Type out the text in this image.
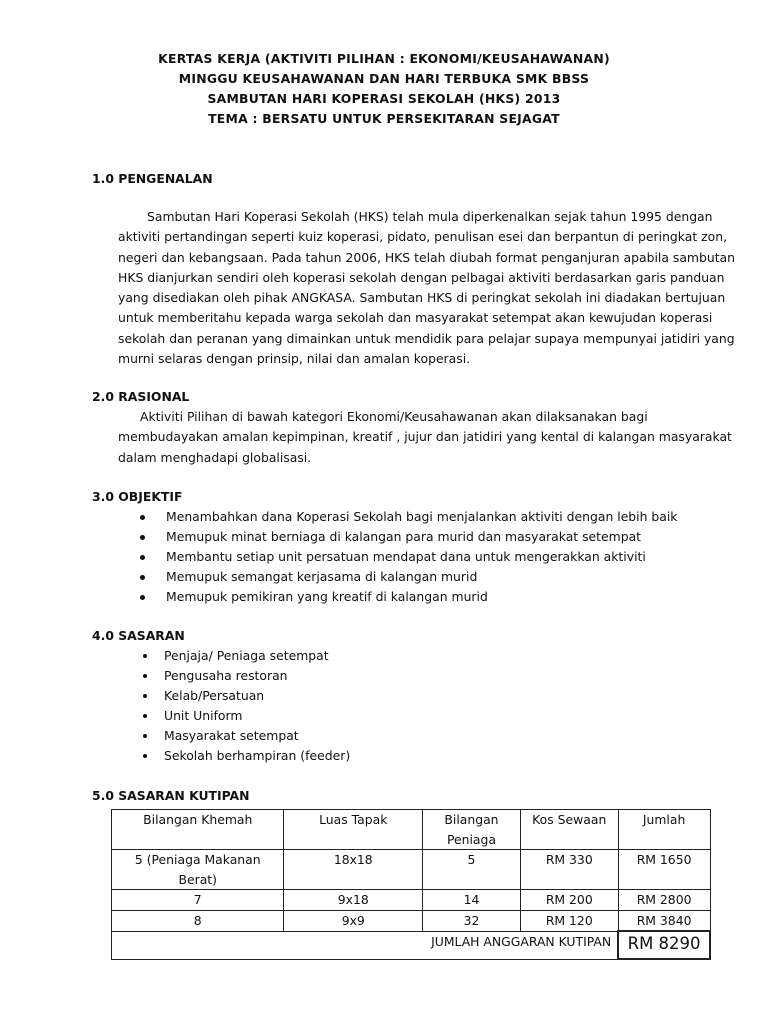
KERTAS KERJA (AKTIVITI PILIHAN : EKONOMI/KEUSAHAWANAN)
MINGGU KEUSAHAWANAN DAN HARI TERBUKA SMK BBSS
SAMBUTAN HARI KOPERASI SEKOLAH (HKS) 2013
TEMA : BERSATU UNTUK PERSEKITARAN SEJAGAT
1.0 PENGENALAN
Sambutan Hari Koperasi Sekolah (HKS) telah mula diperkenalkan sejak tahun 1995 dengan
aktiviti pertandingan seperti kuiz koperasi, pidato, penulisan esei dan berpantun di peringkat zon,
negeri dan kebangsaan. Pada tahun 2006, HKS telah diubah format penganjuran apabila sambutan
HKS dianjurkan sendiri oleh koperasi sekolah dengan pelbagai aktiviti berdasarkan garis panduan
yang disediakan oleh pihak ANGKASA. Sambutan HKS di peringkat sekolah ini diadakan bertujuan
untuk memberitahu kepada warga sekolah dan masyarakat setempat akan kewujudan koperasi
sekolah dan peranan yang dimainkan untuk mendidik para pelajar supaya mempunyai jatidiri yang
murni selaras dengan prinsip, nilai dan amalan koperasi.
2.0 RASIONAL
Aktiviti Pilihan di bawah kategori Ekonomi/Keusahawanan akan dilaksanakan bagi
membudayakan amalan kepimpinan, kreatif , jujur dan jatidiri yang kental di kalangan masyarakat
dalam menghadapi globalisasi.
3.0 OBJEKTIF
Menambahkan dana Koperasi Sekolah bagi menjalankan aktiviti dengan lebih baik
Memupuk minat berniaga di kalangan para murid dan masyarakat setempat
Membantu setiap unit persatuan mendapat dana untuk mengerakkan aktiviti
Memupuk semangat kerjasama di kalangan murid
Memupuk pemikiran yang kreatif di kalangan murid
4.0 SASARAN
Penjaja/ Peniaga setempat
Pengusaha restoran
Kelab/Persatuan
Unit Uniform
Masyarakat setempat
Sekolah berhampiran (feeder)
5.0 SASARAN KUTIPAN
Bilangan Khemah	Luas Tapak	Bilangan Peniaga	Kos Sewaan	Jumlah
5 (Peniaga Makanan Berat)	18x18	5	RM 330	RM 1650
7	9x18	14	RM 200	RM 2800
8	9x9	32	RM 120	RM 3840
JUMLAH ANGGARAN KUTIPAN				RM 8290
